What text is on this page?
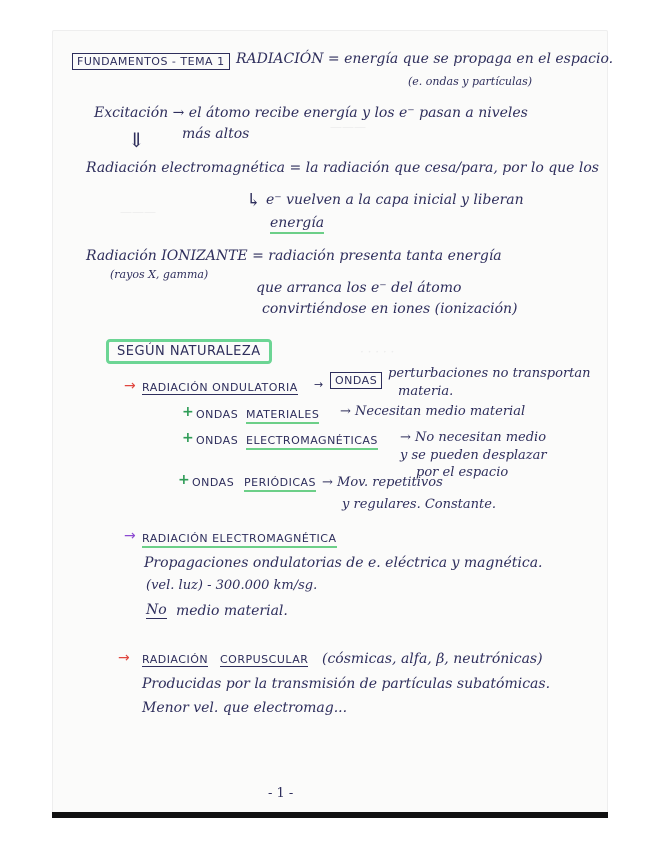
———
· · · · ·
———
FUNDAMENTOS - TEMA 1 RADIACIÓN = energía que se propaga en el espacio.
(e. ondas y partículas)
Excitación → el átomo recibe energía y los e⁻ pasan a niveles
más altos
⇓
Radiación electromagnética = la radiación que cesa/para, por lo que los
↳ e⁻ vuelven a la capa inicial y liberan
energía
Radiación IONIZANTE = radiación presenta tanta energía
(rayos X, gamma)
que arranca los e⁻ del átomo
convirtiéndose en iones (ionización)
SEGÚN NATURALEZA
→ RADIACIÓN ONDULATORIA →	ONDAS perturbaciones no transportan
materia.
+ ONDAS MATERIALES → Necesitan medio material
+ ONDAS ELECTROMAGNÉTICAS → No necesitan medio
y se pueden desplazar
por el espacio
+ ONDAS PERIÓDICAS → Mov. repetitivos
y regulares. Constante.
→ RADIACIÓN ELECTROMAGNÉTICA
Propagaciones ondulatorias de e. eléctrica y magnética.
(vel. luz) - 300.000 km/sg.
No medio material.
→ RADIACIÓN CORPUSCULAR (cósmicas, alfa, β, neutrónicas)
Producidas por la transmisión de partículas subatómicas.
Menor vel. que electromag...
- 1 -
